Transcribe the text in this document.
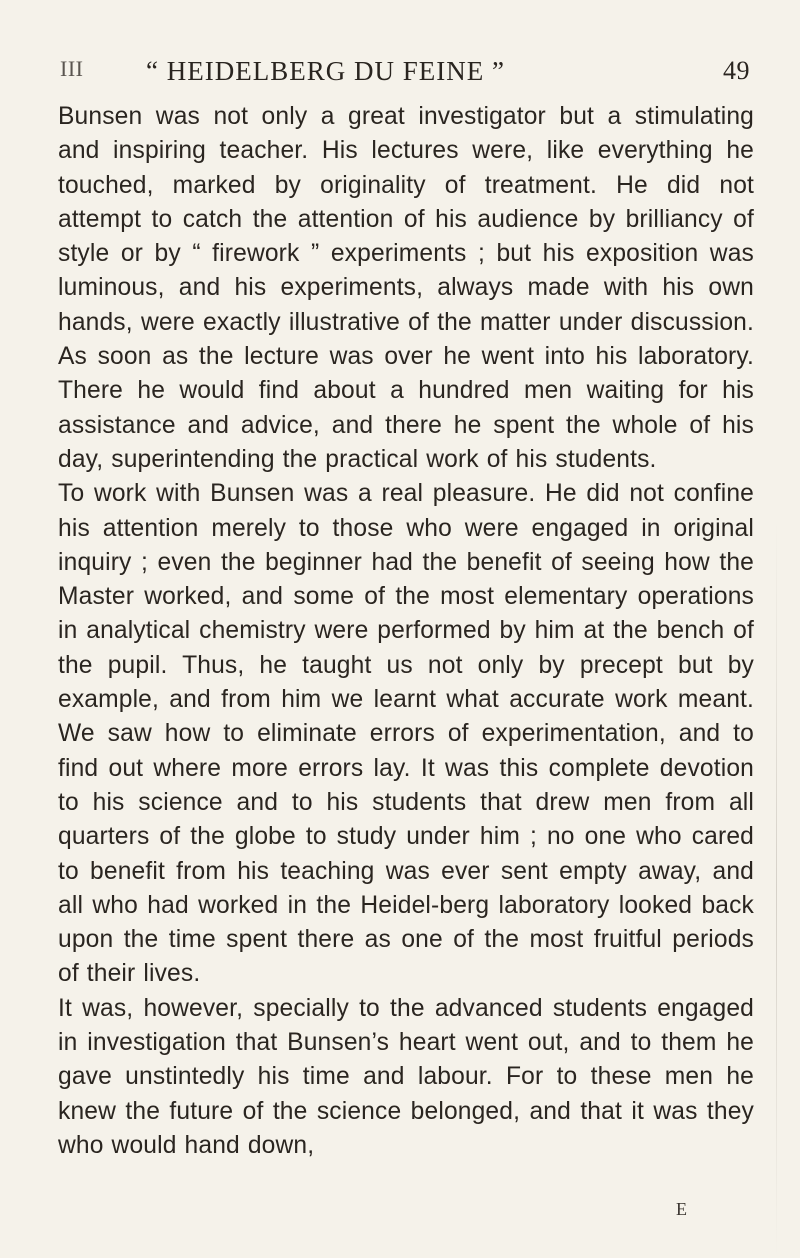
III “ HEIDELBERG DU FEINE ”	49

Bunsen was not only a great investigator but a stimulating and inspiring teacher. His lectures were, like everything he touched, marked by originality of treatment. He did not attempt to catch the attention of his audience by brilliancy of style or by “ firework ” experiments ; but his exposition was luminous, and his experiments, always made with his own hands, were exactly illustrative of the matter under discussion. As soon as the lecture was over he went into his laboratory. There he would find about a hundred men waiting for his assistance and advice, and there he spent the whole of his day, superintending the practical work of his students.

To work with Bunsen was a real pleasure. He did not confine his attention merely to those who were engaged in original inquiry ; even the beginner had the benefit of seeing how the Master worked, and some of the most elementary operations in analytical chemistry were performed by him at the bench of the pupil. Thus, he taught us not only by precept but by example, and from him we learnt what accurate work meant. We saw how to eliminate errors of experimentation, and to find out where more errors lay. It was this complete devotion to his science and to his students that drew men from all quarters of the globe to study under him ; no one who cared to benefit from his teaching was ever sent empty away, and all who had worked in the Heidel-berg laboratory looked back upon the time spent there as one of the most fruitful periods of their lives.

It was, however, specially to the advanced students engaged in investigation that Bunsen’s heart went out, and to them he gave unstintedly his time and labour. For to these men he knew the future of the science belonged, and that it was they who would hand down,

E
